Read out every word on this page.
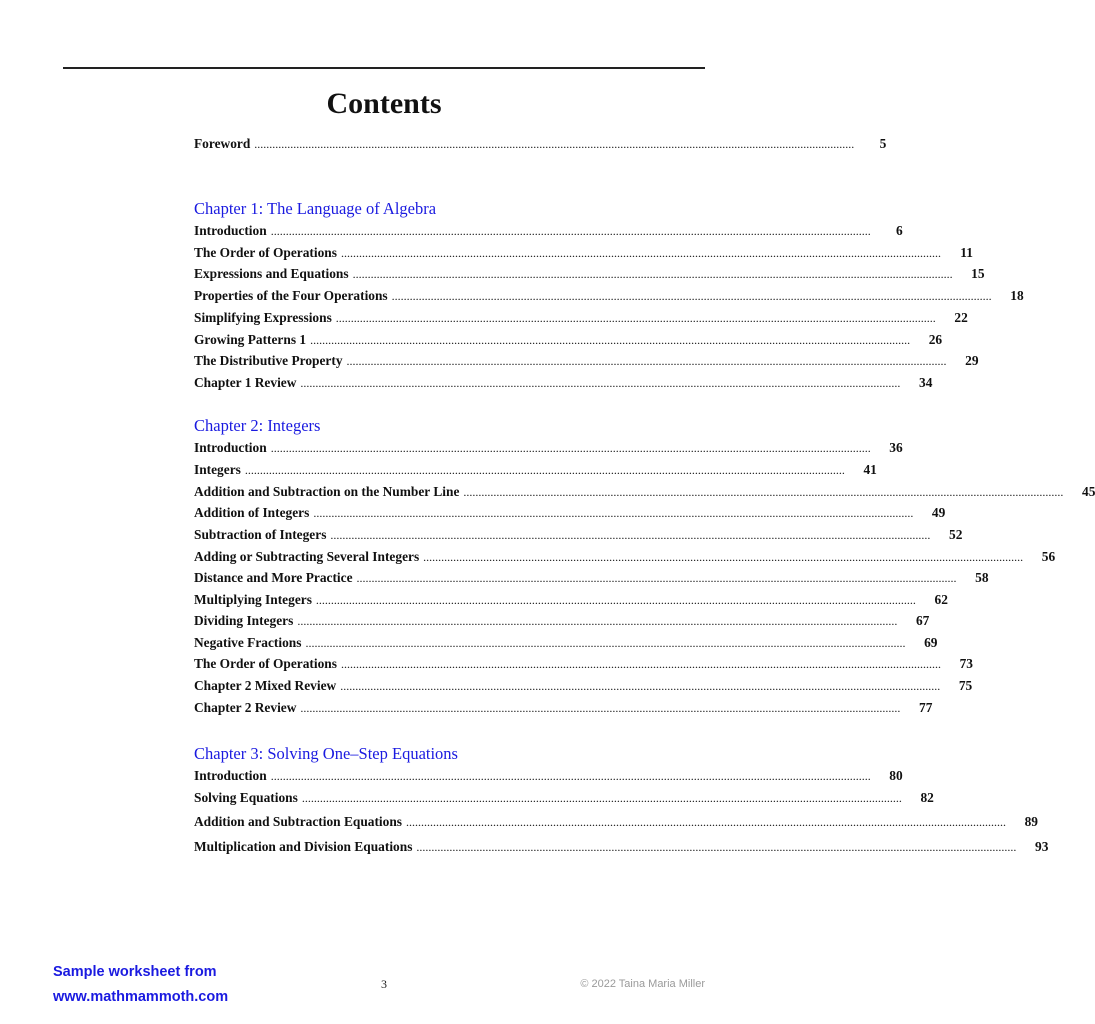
Contents
Foreword ........................................................................................................................................................................................................	5
Chapter 1: The Language of Algebra
Introduction ........................................................................................................................................................................................................	6
The Order of Operations ........................................................................................................................................................................................................	11
Expressions and Equations ........................................................................................................................................................................................................	15
Properties of the Four Operations ........................................................................................................................................................................................................	18
Simplifying Expressions ........................................................................................................................................................................................................	22
Growing Patterns 1 ........................................................................................................................................................................................................	26
The Distributive Property ........................................................................................................................................................................................................	29
Chapter 1 Review ........................................................................................................................................................................................................	34
Chapter 2: Integers
Introduction ........................................................................................................................................................................................................	36
Integers ........................................................................................................................................................................................................	41
Addition and Subtraction on the Number Line ........................................................................................................................................................................................................	45
Addition of Integers ........................................................................................................................................................................................................	49
Subtraction of Integers ........................................................................................................................................................................................................	52
Adding or Subtracting Several Integers ........................................................................................................................................................................................................	56
Distance and More Practice ........................................................................................................................................................................................................	58
Multiplying Integers ........................................................................................................................................................................................................	62
Dividing Integers ........................................................................................................................................................................................................	67
Negative Fractions ........................................................................................................................................................................................................	69
The Order of Operations ........................................................................................................................................................................................................	73
Chapter 2 Mixed Review ........................................................................................................................................................................................................	75
Chapter 2 Review ........................................................................................................................................................................................................	77
Chapter 3: Solving One–Step Equations
Introduction ........................................................................................................................................................................................................	80
Solving Equations ........................................................................................................................................................................................................	82
Addition and Subtraction Equations ........................................................................................................................................................................................................	89
Multiplication and Division Equations ........................................................................................................................................................................................................	93
Sample worksheet from
www.mathmammoth.com
3	© 2022 Taina Maria Miller
